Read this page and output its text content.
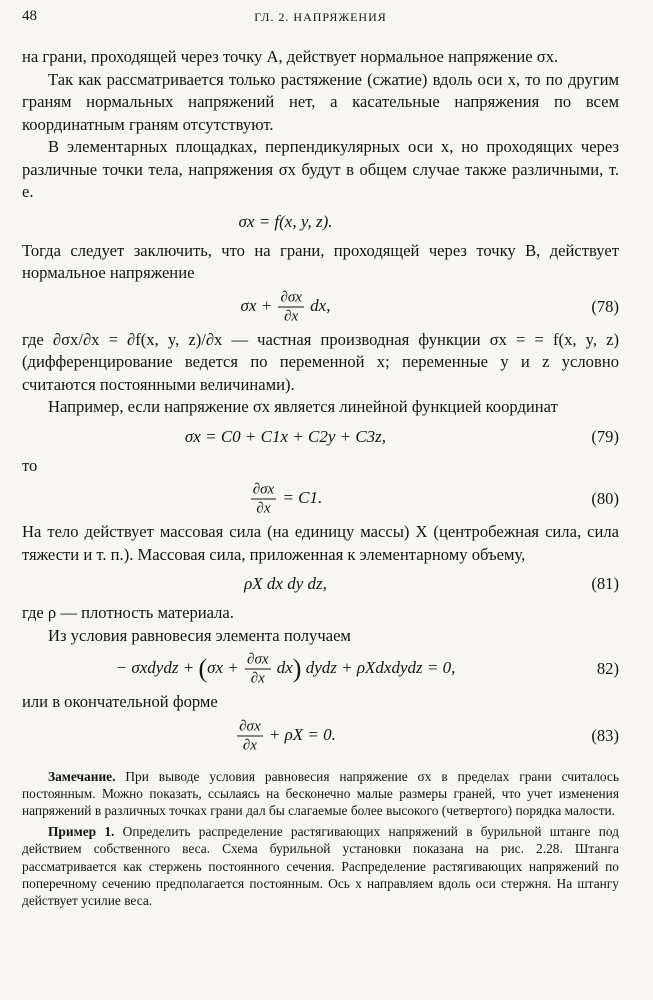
48	ГЛ. 2. НАПРЯЖЕНИЯ

на грани, проходящей через точку A, действует нормальное напряжение σx.

Так как рассматривается только растяжение (сжатие) вдоль оси x, то по другим граням нормальных напряжений нет, а касательные напряжения по всем координатным граням отсутствуют.

В элементарных площадках, перпендикулярных оси x, но проходящих через различные точки тела, напряжения σx будут в общем случае также различными, т. е.

σx = f(x, y, z).

Тогда следует заключить, что на грани, проходящей через точку B, действует нормальное напряжение

$\sigma x + \frac{\partial\sigma x}{\partial x}$ dx,	(78)

где ∂σx/∂x = ∂f(x, y, z)/∂x — частная производная функции σx = = f(x, y, z) (дифференцирование ведется по переменной x; переменные y и z условно считаются постоянными величинами).

Например, если напряжение σx является линейной функцией координат

σx = C0 + C1x + C2y + C3z,	(79)

то

$\frac{\partial\sigma x}{\partial x} = C1$.	(80)

На тело действует массовая сила (на единицу массы) X (центробежная сила, сила тяжести и т. п.). Массовая сила, приложенная к элементарному объему,

ρX dx dy dz,	(81)

где ρ — плотность материала.

Из условия равновесия элемента получаем

− σxdydz + $(\sigma x + \frac{\partial\sigma x}{\partial x} dx)$ dydz + ρXdxdydz = 0,	82)

или в окончательной форме

$\frac{\partial\sigma x}{\partial x} + \rho X = 0$.	(83)

Замечание. При выводе условия равновесия напряжение σx в пределах грани считалось постоянным. Можно показать, ссылаясь на бесконечно малые размеры граней, что учет изменения напряжений в различных точках грани дал бы слагаемые более высокого (четвертого) порядка малости.

Пример 1. Определить распределение растягивающих напряжений в бурильной штанге под действием собственного веса. Схема бурильной установки показана на рис. 2.28. Штанга рассматривается как стержень постоянного сечения. Распределение растягивающих напряжений по поперечному сечению предполагается постоянным. Ось x направляем вдоль оси стержня. На штангу действует усилие веса.
